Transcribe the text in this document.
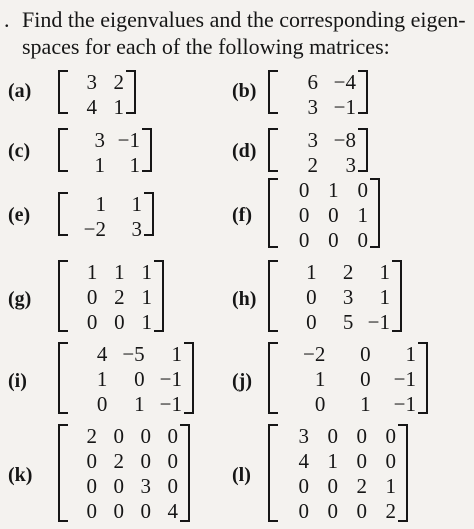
. Find the eigenvalues and the corresponding eigen-spaces for each of the following matrices:
(a)	3	2
4	1
(b) 6	−4
3	−1
(c)	3	−1
1	1
(d) 3	−8
2	3
(e)	1	1
−2	3
(f)
0	1	0
0	0	1
0	0	0
(g)
1	1	1
0	2	1
0	0	1
(h)
1	2	1
0	3	1
0	5	−1
(i)
4	−5	1
1	0	−1
0	1	−1
(j)
−2	0	1
1	0	−1
0	1	−1
(k)
2	0	0	0
0	2	0	0
0	0	3	0
0	0	0	4
(l)
3	0	0	0
4	1	0	0
0	0	2	1
0	0	0	2
